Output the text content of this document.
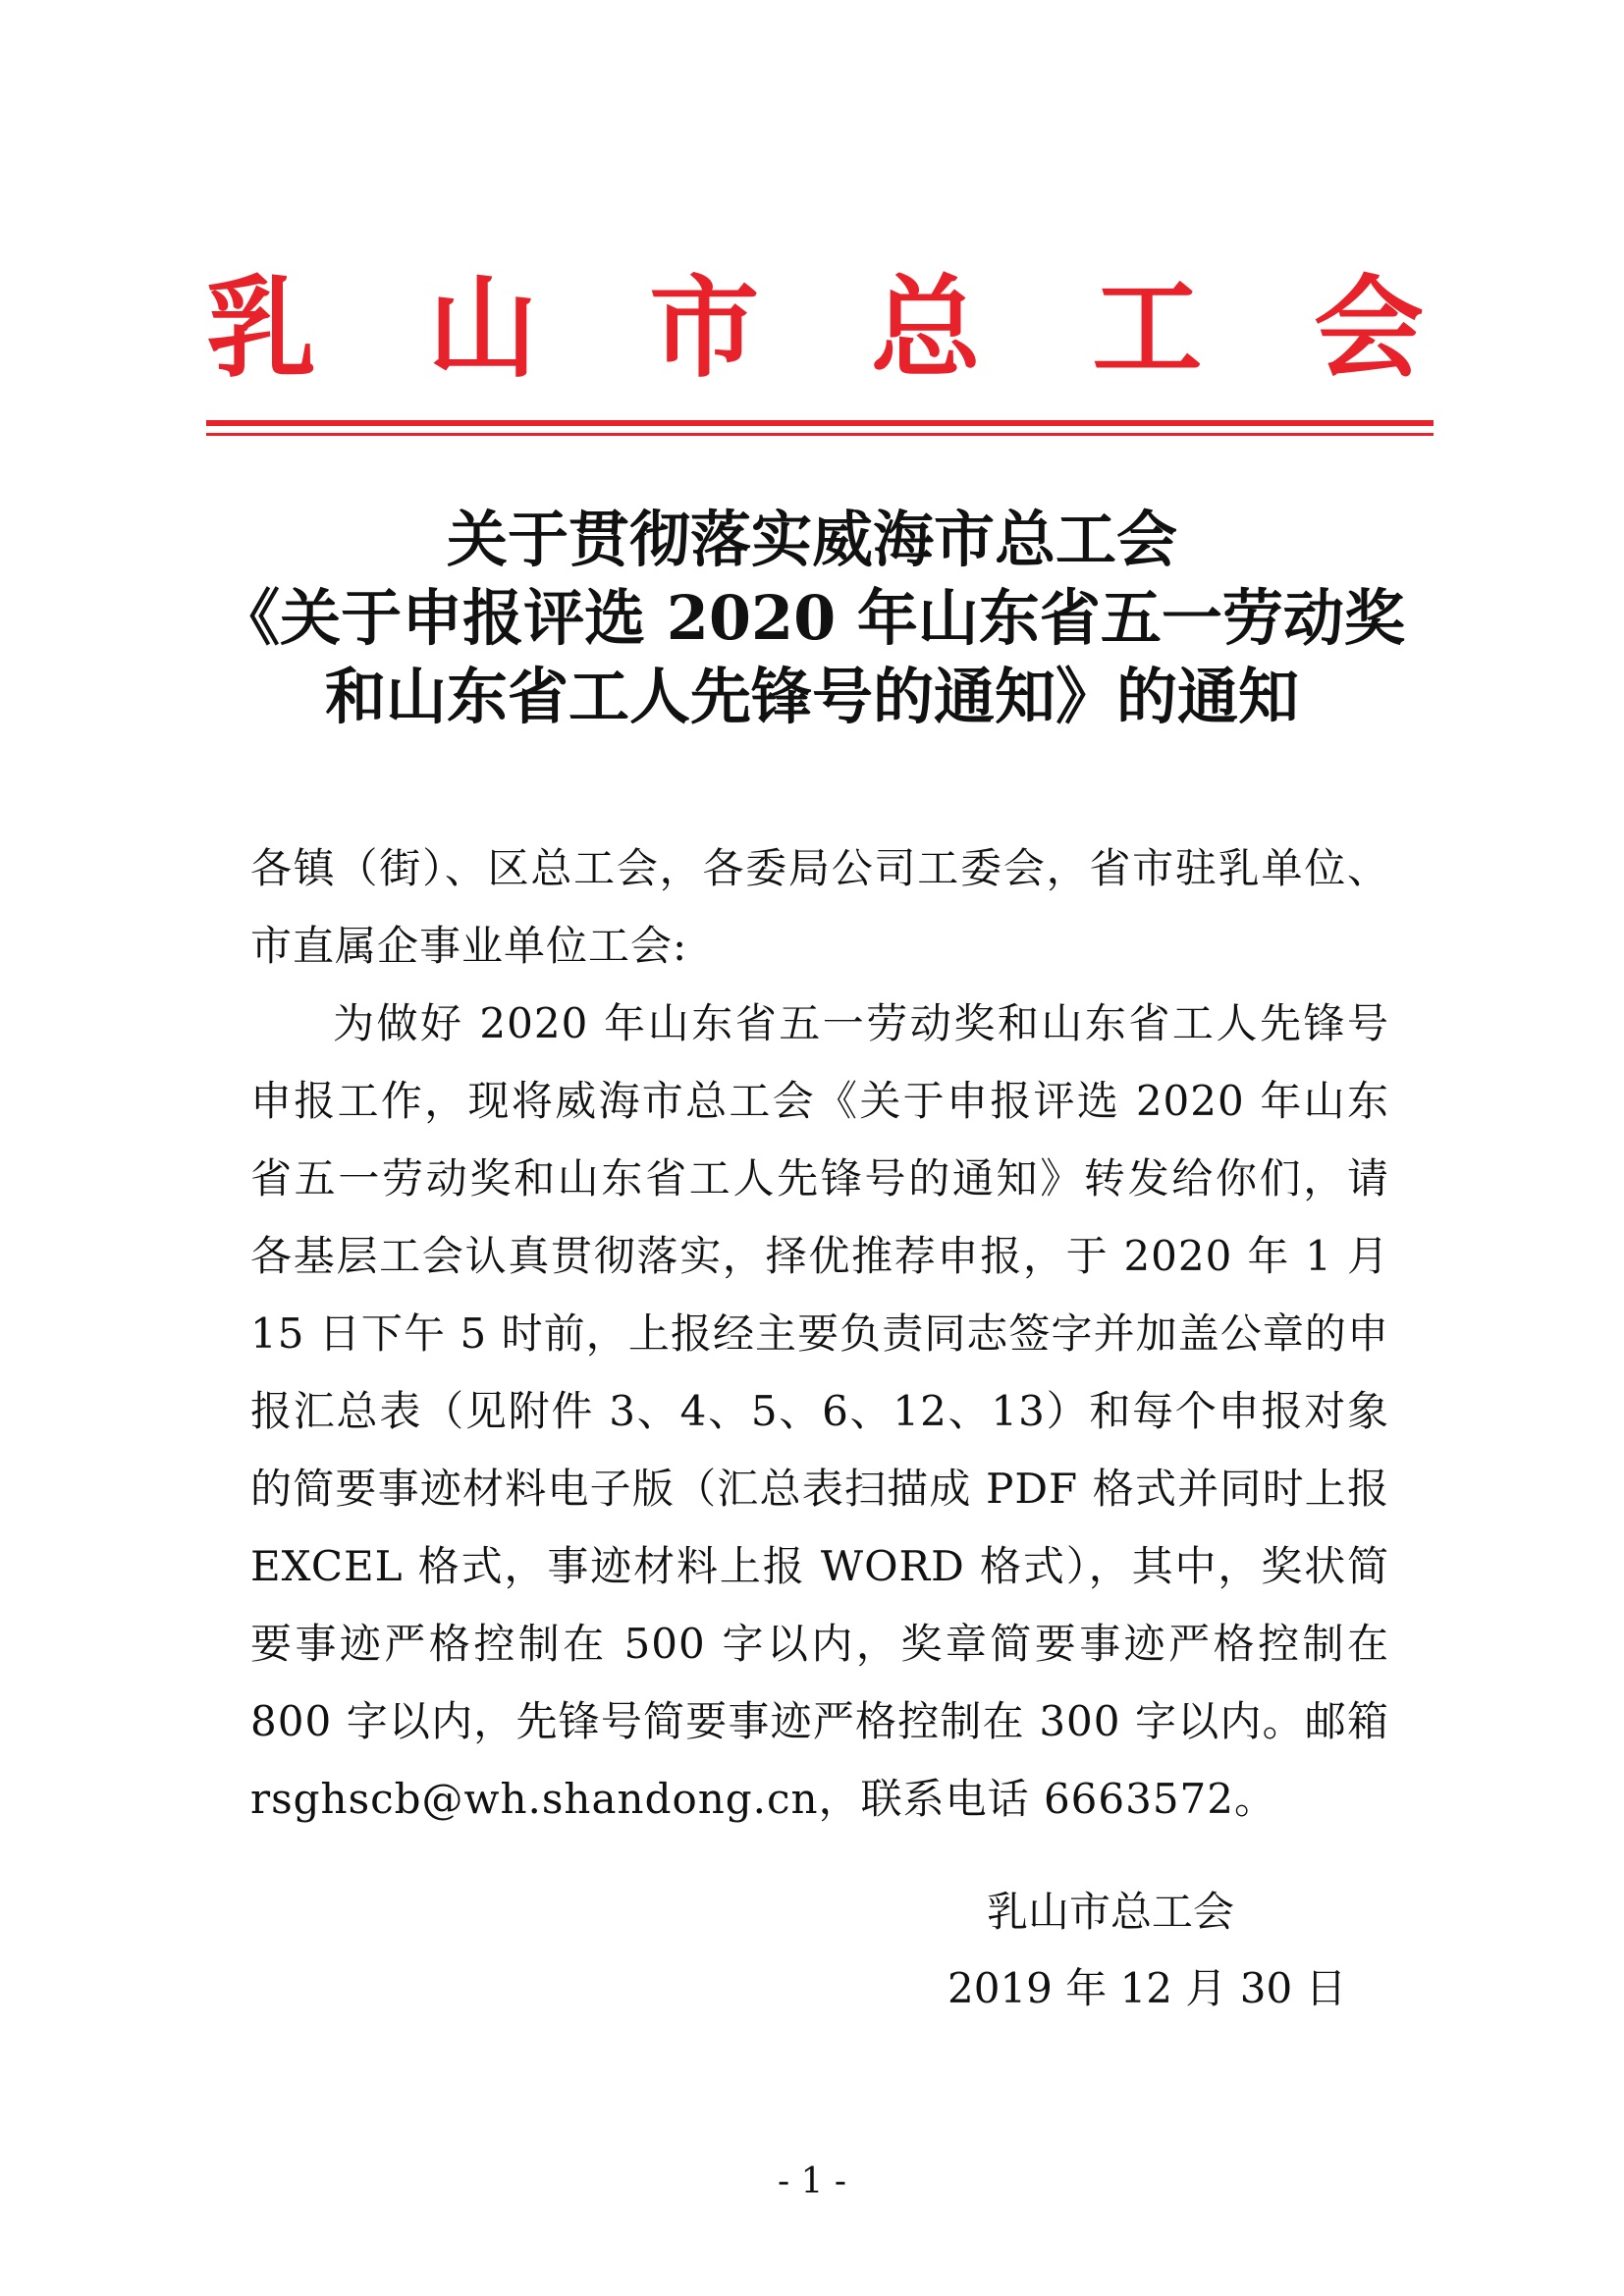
乳 山 市 总 工 会
关于贯彻落实威海市总工会
《关于申报评选 2020 年山东省五一劳动奖
和山东省工人先锋号的通知》的通知

各镇（街）、区总工会，各委局公司工委会，省市驻乳单位、市直属企事业单位工会:

为做好 2020 年山东省五一劳动奖和山东省工人先锋号申报工作，现将威海市总工会《关于申报评选 2020 年山东省五一劳动奖和山东省工人先锋号的通知》转发给你们，请各基层工会认真贯彻落实，择优推荐申报，于 2020 年 1 月 15 日下午 5 时前，上报经主要负责同志签字并加盖公章的申报汇总表（见附件 3、4、5、6、12、13）和每个申报对象的简要事迹材料电子版（汇总表扫描成 PDF 格式并同时上报 EXCEL 格式，事迹材料上报 WORD 格式），其中，奖状简要事迹严格控制在 500 字以内，奖章简要事迹严格控制在 800 字以内，先锋号简要事迹严格控制在 300 字以内。邮箱 rsghscb@wh.shandong.cn，联系电话 6663572。

乳山市总工会
2019 年 12 月 30 日
- 1 -
